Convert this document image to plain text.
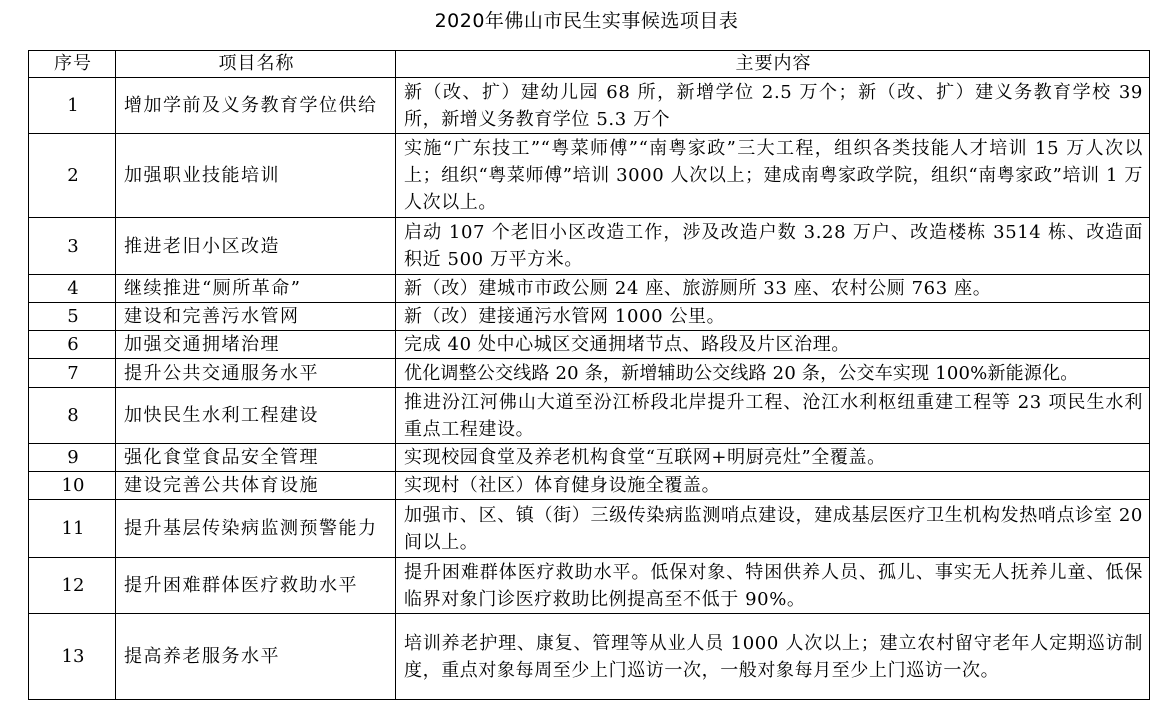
2020年佛山市民生实事候选项目表
序号	项目名称	主要内容
1	增加学前及义务教育学位供给	新（改、扩）建幼儿园 68 所，新增学位 2.5 万个；新（改、扩）建义务教育学校 39 所，新增义务教育学位 5.3 万个
2	加强职业技能培训	实施“广东技工”“粤菜师傅”“南粤家政”三大工程，组织各类技能人才培训 15 万人次以上；组织“粤菜师傅”培训 3000 人次以上；建成南粤家政学院，组织“南粤家政”培训 1 万人次以上。
3	推进老旧小区改造	启动 107 个老旧小区改造工作，涉及改造户数 3.28 万户、改造楼栋 3514 栋、改造面积近 500 万平方米。
4	继续推进“厕所革命”	新（改）建城市市政公厕 24 座、旅游厕所 33 座、农村公厕 763 座。
5	建设和完善污水管网	新（改）建接通污水管网 1000 公里。
6	加强交通拥堵治理	完成 40 处中心城区交通拥堵节点、路段及片区治理。
7	提升公共交通服务水平	优化调整公交线路 20 条，新增辅助公交线路 20 条，公交车实现 100%新能源化。
8	加快民生水利工程建设	推进汾江河佛山大道至汾江桥段北岸提升工程、沧江水利枢纽重建工程等 23 项民生水利重点工程建设。
9	强化食堂食品安全管理	实现校园食堂及养老机构食堂“互联网+明厨亮灶”全覆盖。
10	建设完善公共体育设施	实现村（社区）体育健身设施全覆盖。
11	提升基层传染病监测预警能力	加强市、区、镇（街）三级传染病监测哨点建设，建成基层医疗卫生机构发热哨点诊室 20 间以上。
12	提升困难群体医疗救助水平	提升困难群体医疗救助水平。低保对象、特困供养人员、孤儿、事实无人抚养儿童、低保临界对象门诊医疗救助比例提高至不低于 90%。
13	提高养老服务水平	培训养老护理、康复、管理等从业人员 1000 人次以上；建立农村留守老年人定期巡访制度，重点对象每周至少上门巡访一次，一般对象每月至少上门巡访一次。
